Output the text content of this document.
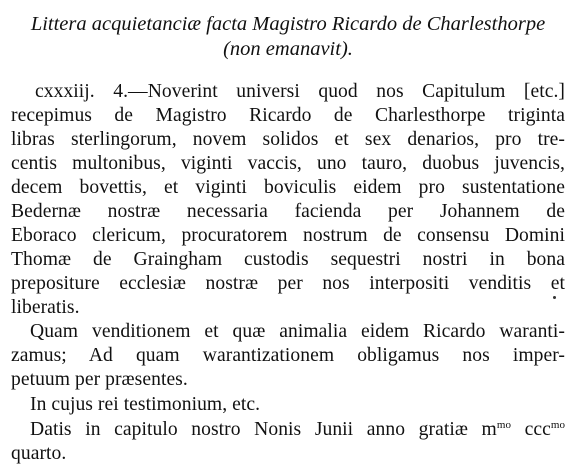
Littera acquietanciæ facta Magistro Ricardo de Charlesthorpe
(non emanavit).
cxxxiij. 4.—Noverint universi quod nos Capitulum [etc.]
recepimus de Magistro Ricardo de Charlesthorpe triginta
libras sterlingorum, novem solidos et sex denarios, pro tre-
centis multonibus, viginti vaccis, uno tauro, duobus juvencis,
decem bovettis, et viginti boviculis eidem pro sustentatione
Bedernæ nostræ necessaria facienda per Johannem de
Eboraco clericum, procuratorem nostrum de consensu Domini
Thomæ de Graingham custodis sequestri nostri in bona
prepositure ecclesiæ nostræ per nos interpositi venditis et
liberatis.
Quam venditionem et quæ animalia eidem Ricardo waranti-
zamus; Ad quam warantizationem obligamus nos imper-
petuum per præsentes.
In cujus rei testimonium, etc.
Datis in capitulo nostro Nonis Junii anno gratiæ $m^{mo}$ ccc$^{mo}$
quarto.
